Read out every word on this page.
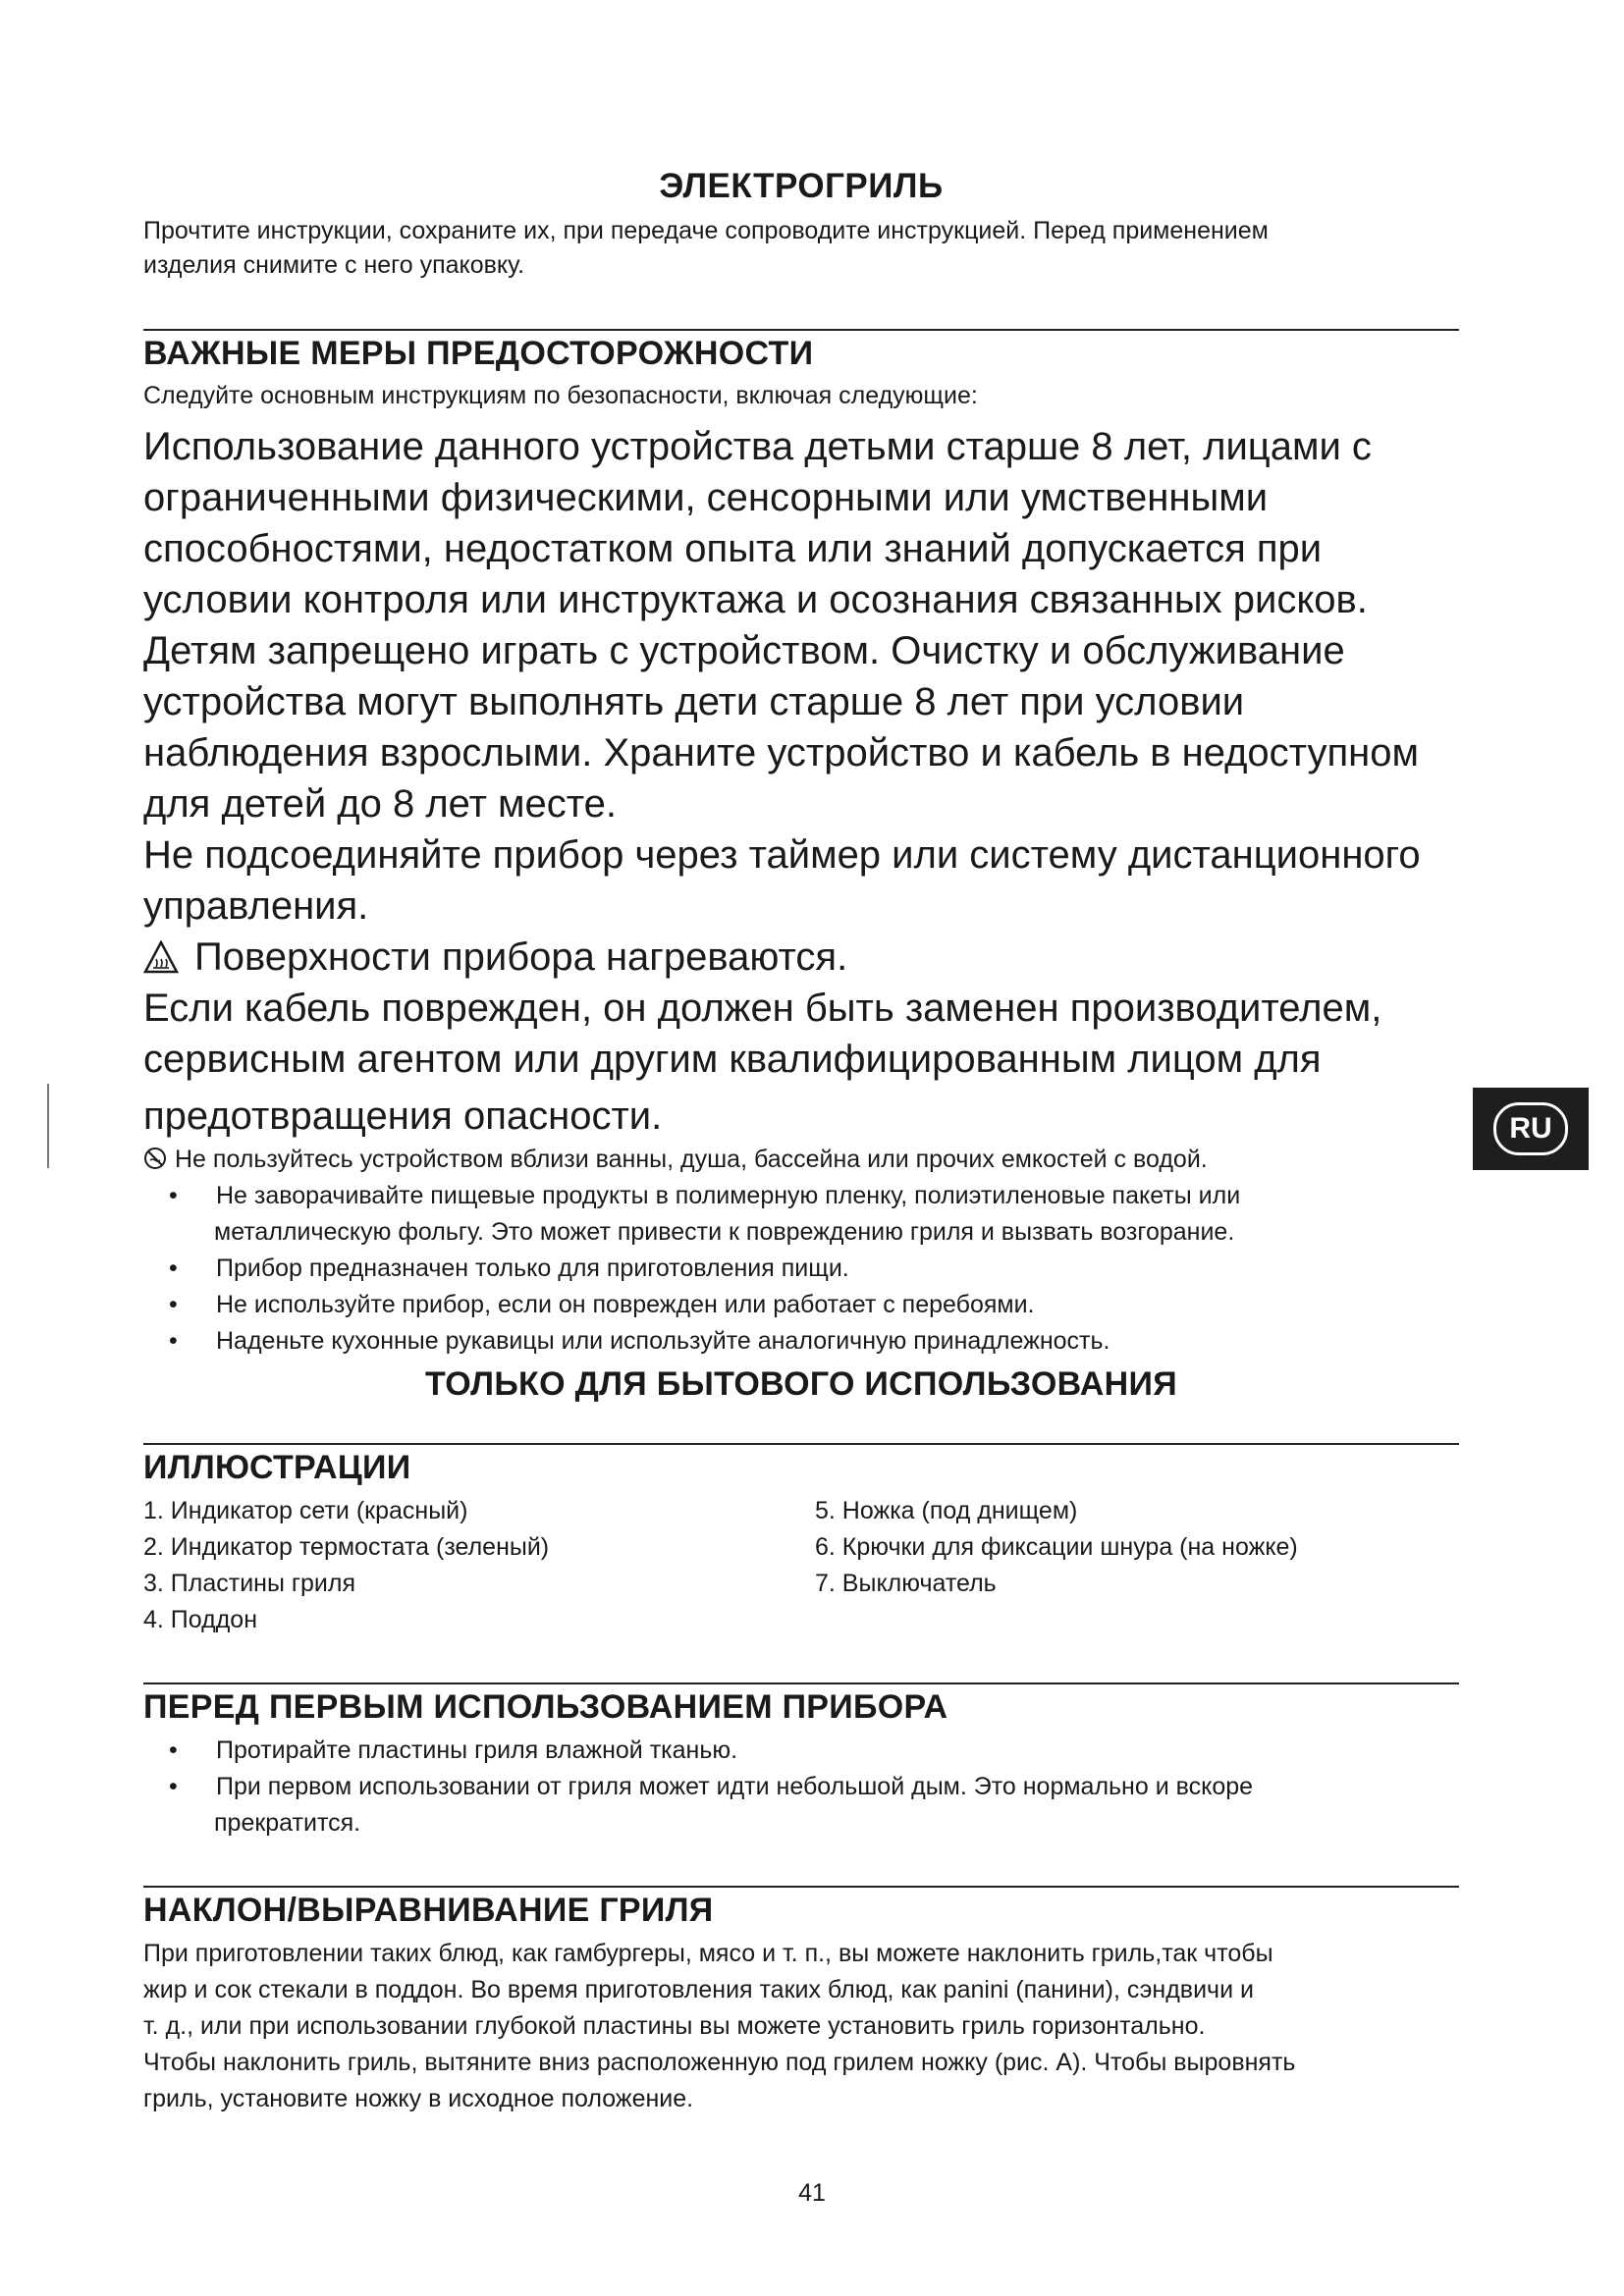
RU
ЭЛЕКТРОГРИЛЬ

Прочтите инструкции, сохраните их, при передаче сопроводите инструкцией. Перед применением

изделия снимите с него упаковку.

ВАЖНЫЕ МЕРЫ ПРЕДОСТОРОЖНОСТИ

Следуйте основным инструкциям по безопасности, включая следующие:

Использование данного устройства детьми старше 8 лет, лицами с

ограниченными физическими, сенсорными или умственными

способностями, недостатком опыта или знаний допускается при

условии контроля или инструктажа и осознания связанных рисков.

Детям запрещено играть с устройством. Очистку и обслуживание

устройства могут выполнять дети старше 8 лет при условии

наблюдения взрослыми. Храните устройство и кабель в недоступном

для детей до 8 лет месте.

Не подсоединяйте прибор через таймер или систему дистанционного

управления.

Поверхности прибора нагреваются.

Если кабель поврежден, он должен быть заменен производителем,

сервисным агентом или другим квалифицированным лицом для

предотвращения опасности.

Не пользуйтесь устройством вблизи ванны, душа, бассейна или прочих емкостей с водой.

• Не заворачивайте пищевые продукты в полимерную пленку, полиэтиленовые пакеты или
металлическую фольгу. Это может привести к повреждению гриля и вызвать возгорание.
• Прибор предназначен только для приготовления пищи.
• Не используйте прибор, если он поврежден или работает с перебоями.
• Наденьте кухонные рукавицы или используйте аналогичную принадлежность.
ТОЛЬКО ДЛЯ БЫТОВОГО ИСПОЛЬЗОВАНИЯ
ИЛЛЮСТРАЦИИ
1. Индикатор сети (красный)
2. Индикатор термостата (зеленый)
3. Пластины гриля
4. Поддон
5. Ножка (под днищем)
6. Крючки для фиксации шнура (на ножке)
7. Выключатель
ПЕРЕД ПЕРВЫМ ИСПОЛЬЗОВАНИЕМ ПРИБОРА
• Протирайте пластины гриля влажной тканью.
• При первом использовании от гриля может идти небольшой дым. Это нормально и вскоре
прекратится.
НАКЛОН/ВЫРАВНИВАНИЕ ГРИЛЯ

При приготовлении таких блюд, как гамбургеры, мясо и т. п., вы можете наклонить гриль,так чтобы

жир и сок стекали в поддон. Во время приготовления таких блюд, как panini (панини), сэндвичи и

т. д., или при использовании глубокой пластины вы можете установить гриль горизонтально.

Чтобы наклонить гриль, вытяните вниз расположенную под грилем ножку (рис. А). Чтобы выровнять

гриль, установите ножку в исходное положение.

41
